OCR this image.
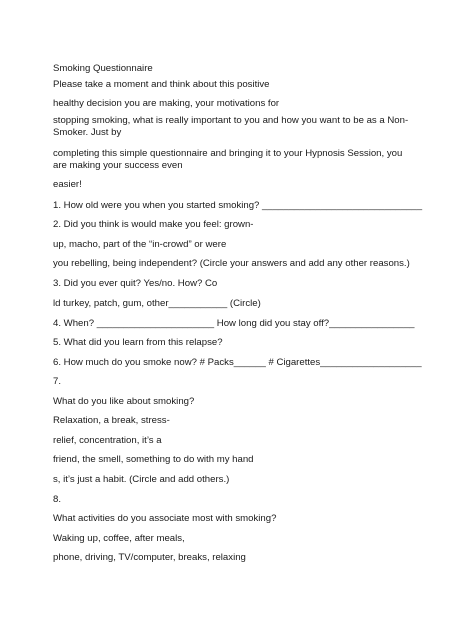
Smoking Questionnaire
Please take a moment and think about this positive
healthy decision you are making, your motivations for
stopping smoking, what is really important to you and how you want to be as a Non-
Smoker. Just by
completing this simple questionnaire and bringing it to your Hypnosis Session, you
are making your success even
easier!
1. How old were you when you started smoking? ______________________________
2. Did you think is would make you feel: grown-
up, macho, part of the “in-crowd” or were
you rebelling, being independent? (Circle your answers and add any other reasons.)
3. Did you ever quit? Yes/no. How? Co
ld turkey, patch, gum, other___________ (Circle)
4. When? ______________________ How long did you stay off?________________
5. What did you learn from this relapse?
6. How much do you smoke now? # Packs______ # Cigarettes___________________
7.
What do you like about smoking?
Relaxation, a break, stress-
relief, concentration, it’s a
friend, the smell, something to do with my hand
s, it’s just a habit. (Circle and add others.)
8.
What activities do you associate most with smoking?
Waking up, coffee, after meals,
phone, driving, TV/computer, breaks, relaxing
